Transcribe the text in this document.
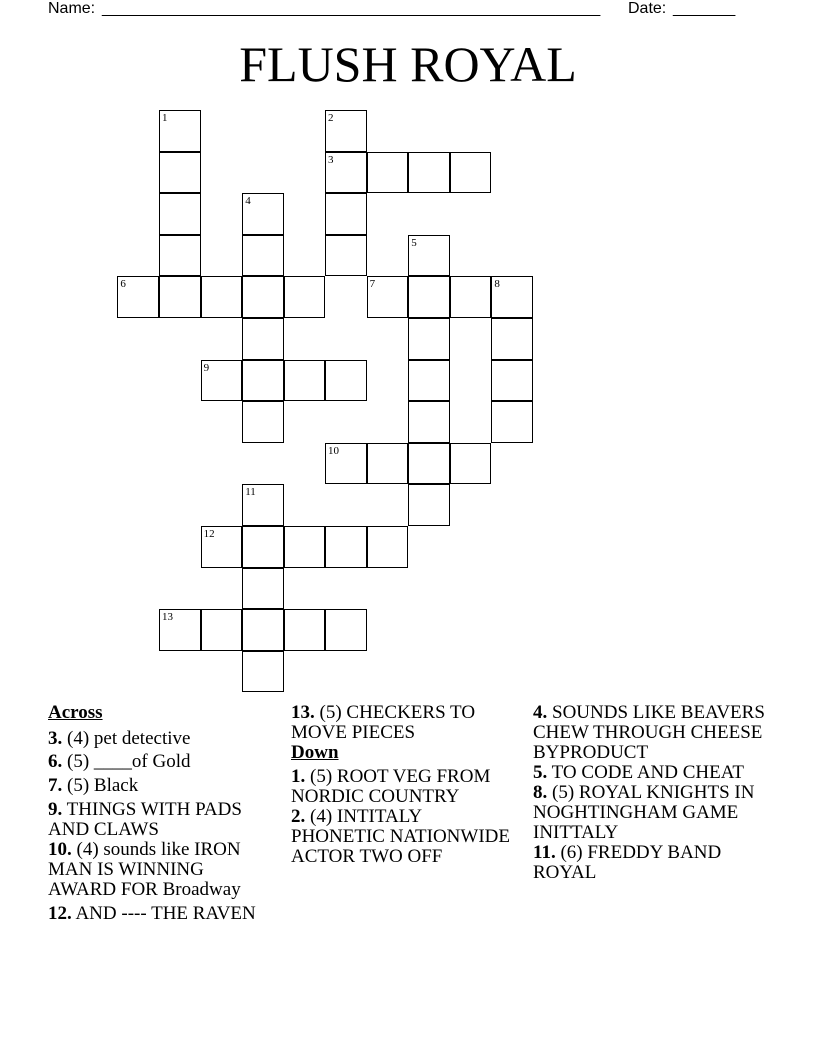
Name: ________________________________________________________ Date: _______
FLUSH ROYAL
1	2
3
4
5
6	7	8
9
10
11
12
13

Across

3. (4) pet detective

6. (5) ____of Gold

7. (5) Black

9. THINGS WITH PADS AND CLAWS

10. (4) sounds like IRON MAN IS WINNING AWARD FOR Broadway

12. AND ---- THE RAVEN

13. (5) CHECKERS TO MOVE PIECES

Down

1. (5) ROOT VEG FROM NORDIC COUNTRY

2. (4) INTITALY PHONETIC NATIONWIDE ACTOR TWO OFF

4. SOUNDS LIKE BEAVERS CHEW THROUGH CHEESE BYPRODUCT

5. TO CODE AND CHEAT

8. (5) ROYAL KNIGHTS IN NOGHTINGHAM GAME INITTALY

11. (6) FREDDY BAND ROYAL
